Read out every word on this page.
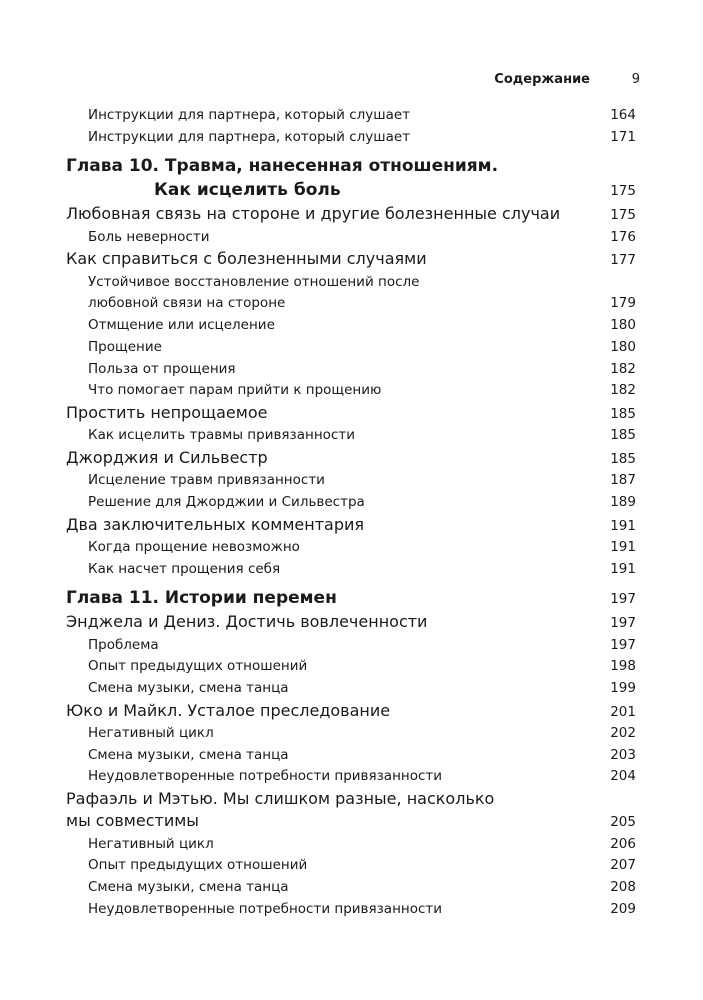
Содержание	9
Инструкции для партнера, который слушает	164
Инструкции для партнера, который слушает	171
Глава 10. Травма, нанесенная отношениям.
Как исцелить боль	175
Любовная связь на стороне и другие болезненные случаи	175
Боль неверности	176
Как справиться с болезненными случаями	177
Устойчивое восстановление отношений после
любовной связи на стороне	179
Отмщение или исцеление	180
Прощение	180
Польза от прощения	182
Что помогает парам прийти к прощению	182
Простить непрощаемое	185
Как исцелить травмы привязанности	185
Джорджия и Сильвестр	185
Исцеление травм привязанности	187
Решение для Джорджии и Сильвестра	189
Два заключительных комментария	191
Когда прощение невозможно	191
Как насчет прощения себя	191
Глава 11. Истории перемен	197
Энджела и Дениз. Достичь вовлеченности	197
Проблема	197
Опыт предыдущих отношений	198
Смена музыки, смена танца	199
Юко и Майкл. Усталое преследование	201
Негативный цикл	202
Смена музыки, смена танца	203
Неудовлетворенные потребности привязанности	204
Рафаэль и Мэтью. Мы слишком разные, насколько
мы совместимы	205
Негативный цикл	206
Опыт предыдущих отношений	207
Смена музыки, смена танца	208
Неудовлетворенные потребности привязанности	209
